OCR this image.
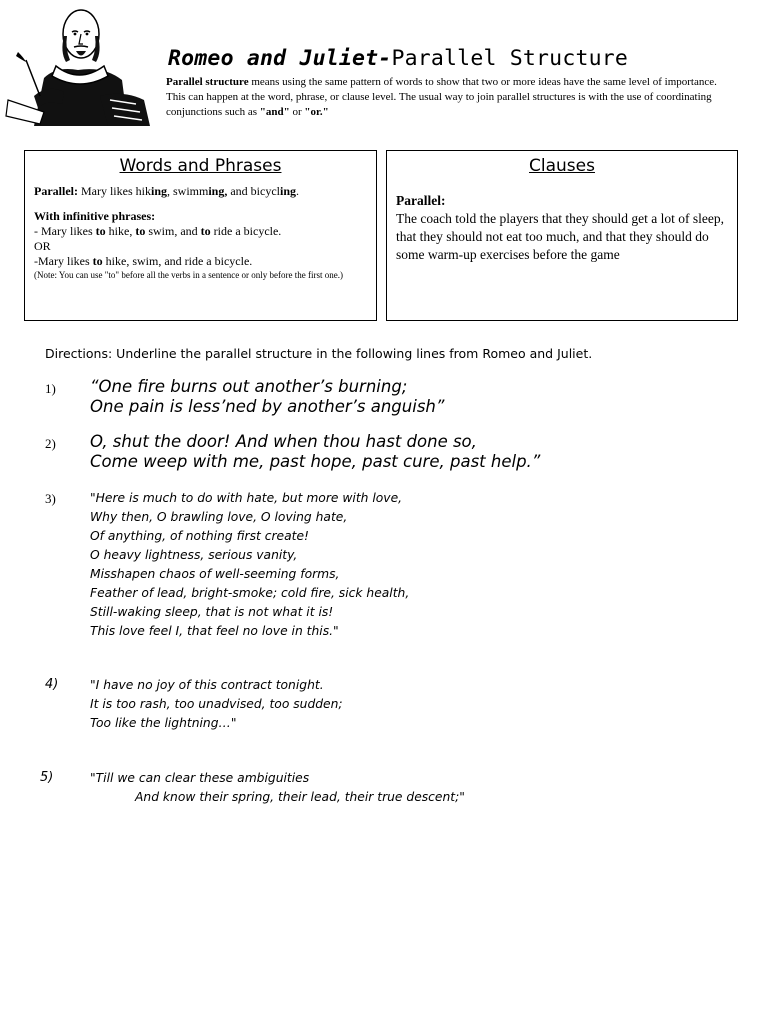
Romeo and Juliet-Parallel Structure
Parallel structure means using the same pattern of words to show that two or more ideas have the same level of importance. This can happen at the word, phrase, or clause level. The usual way to join parallel structures is with the use of coordinating conjunctions such as "and" or "or."
Words and Phrases
Parallel: Mary likes hiking, swimming, and bicycling.
With infinitive phrases:
- Mary likes to hike, to swim, and to ride a bicycle.
OR
-Mary likes to hike, swim, and ride a bicycle.
(Note: You can use "to" before all the verbs in a sentence or only before the first one.)
Clauses
Parallel:
The coach told the players that they should get a lot of sleep, that they should not eat too much, and that they should do some warm-up exercises before the game
Directions: Underline the parallel structure in the following lines from Romeo and Juliet.
1) “One fire burns out another’s burning;
One pain is less’ned by another’s anguish”
2) O, shut the door! And when thou hast done so,
Come weep with me, past hope, past cure, past help.”
3)	"Here is much to do with hate, but more with love,
Why then, O brawling love, O loving hate,
Of anything, of nothing first create!
O heavy lightness, serious vanity,
Misshapen chaos of well-seeming forms,
Feather of lead, bright-smoke; cold fire, sick health,
Still-waking sleep, that is not what it is!
This love feel I, that feel no love in this."
4)	"I have no joy of this contract tonight.
It is too rash, too unadvised, too sudden;
Too like the lightning…"
5)	"Till we can clear these ambiguities
And know their spring, their lead, their true descent;"
